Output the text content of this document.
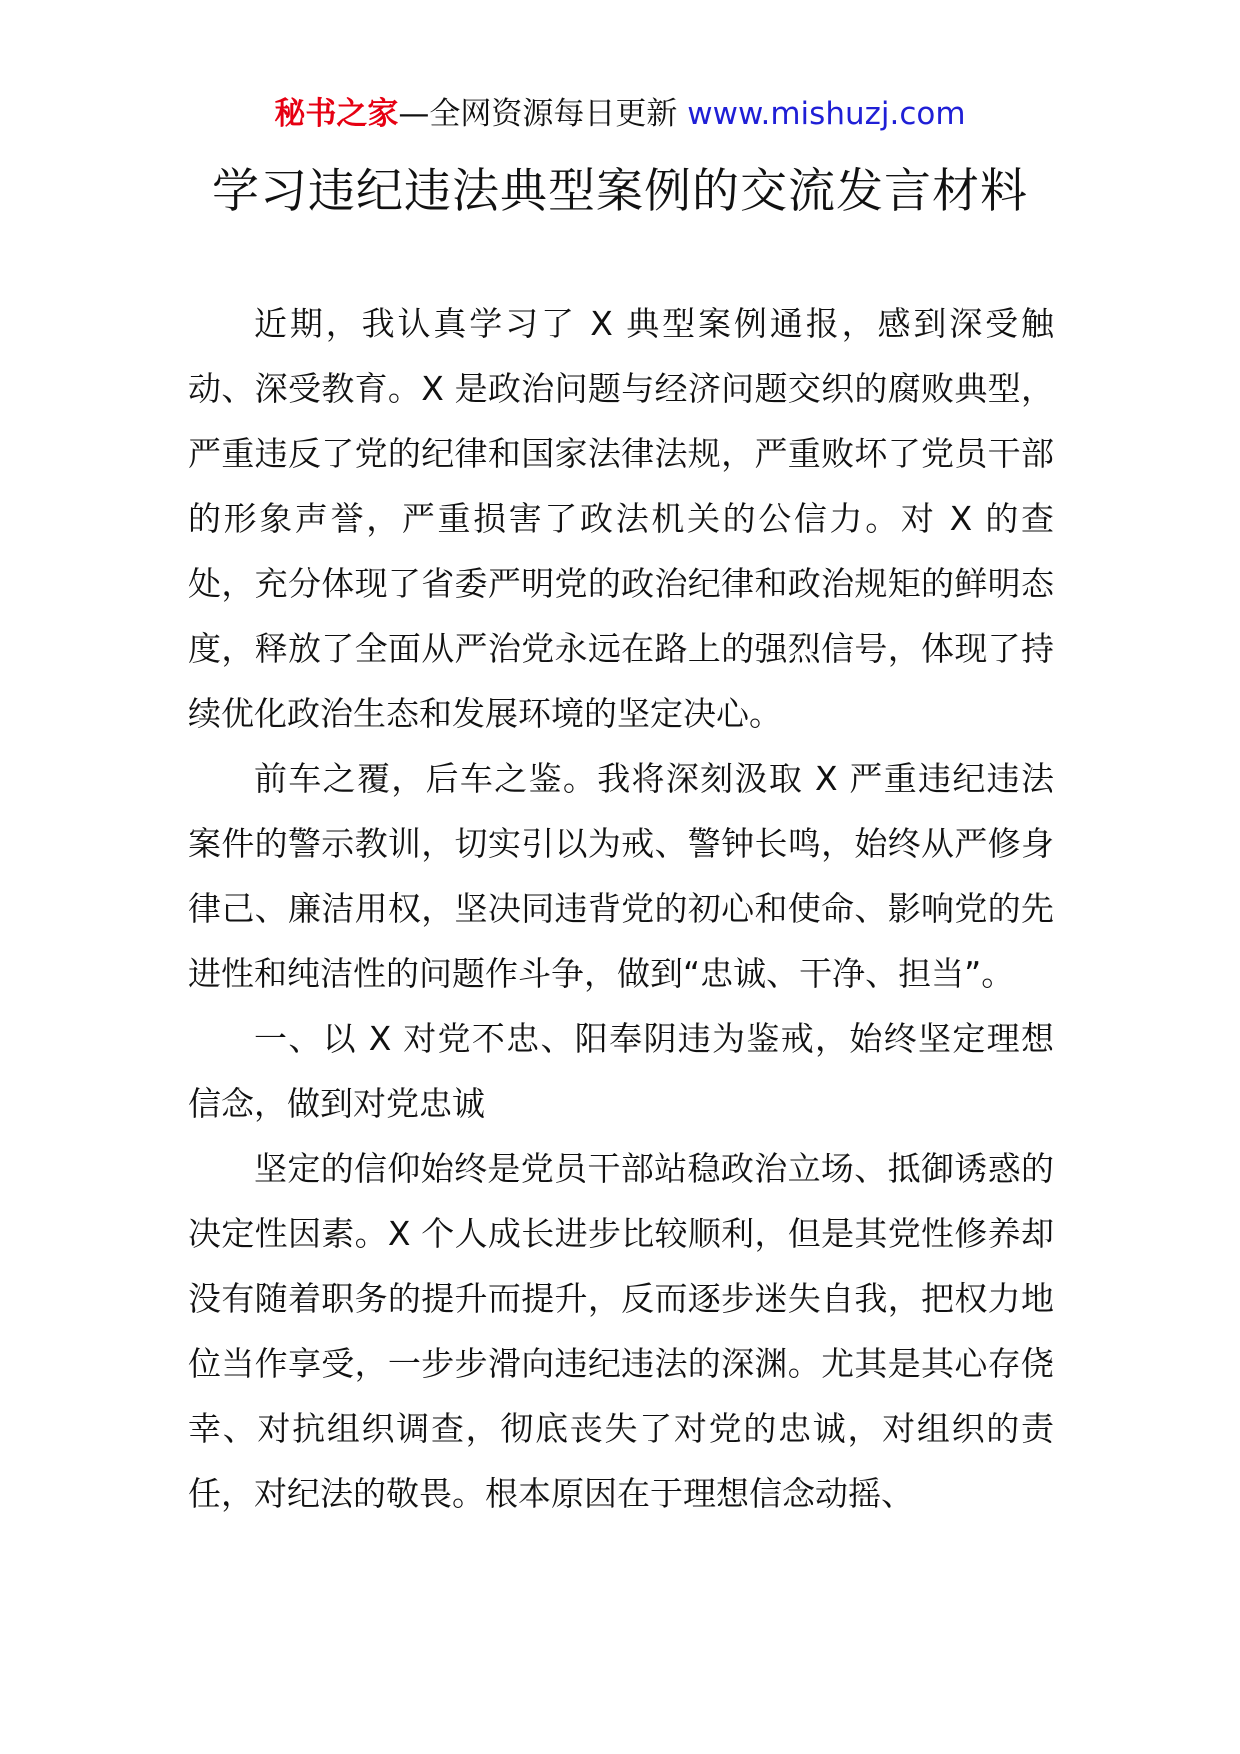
秘书之家—全网资源每日更新 www.mishuzj.com
学习违纪违法典型案例的交流发言材料

近期，我认真学习了 X 典型案例通报，感到深受触动、深受教育。X 是政治问题与经济问题交织的腐败典型，严重违反了党的纪律和国家法律法规，严重败坏了党员干部的形象声誉，严重损害了政法机关的公信力。对 X 的查处，充分体现了省委严明党的政治纪律和政治规矩的鲜明态度，释放了全面从严治党永远在路上的强烈信号，体现了持续优化政治生态和发展环境的坚定决心。

前车之覆，后车之鉴。我将深刻汲取 X 严重违纪违法案件的警示教训，切实引以为戒、警钟长鸣，始终从严修身律己、廉洁用权，坚决同违背党的初心和使命、影响党的先进性和纯洁性的问题作斗争，做到“忠诚、干净、担当”。

一、以 X 对党不忠、阳奉阴违为鉴戒，始终坚定理想信念，做到对党忠诚

坚定的信仰始终是党员干部站稳政治立场、抵御诱惑的决定性因素。X 个人成长进步比较顺利，但是其党性修养却没有随着职务的提升而提升，反而逐步迷失自我，把权力地位当作享受，一步步滑向违纪违法的深渊。尤其是其心存侥幸、对抗组织调查，彻底丧失了对党的忠诚，对组织的责任，对纪法的敬畏。根本原因在于理想信念动摇、
